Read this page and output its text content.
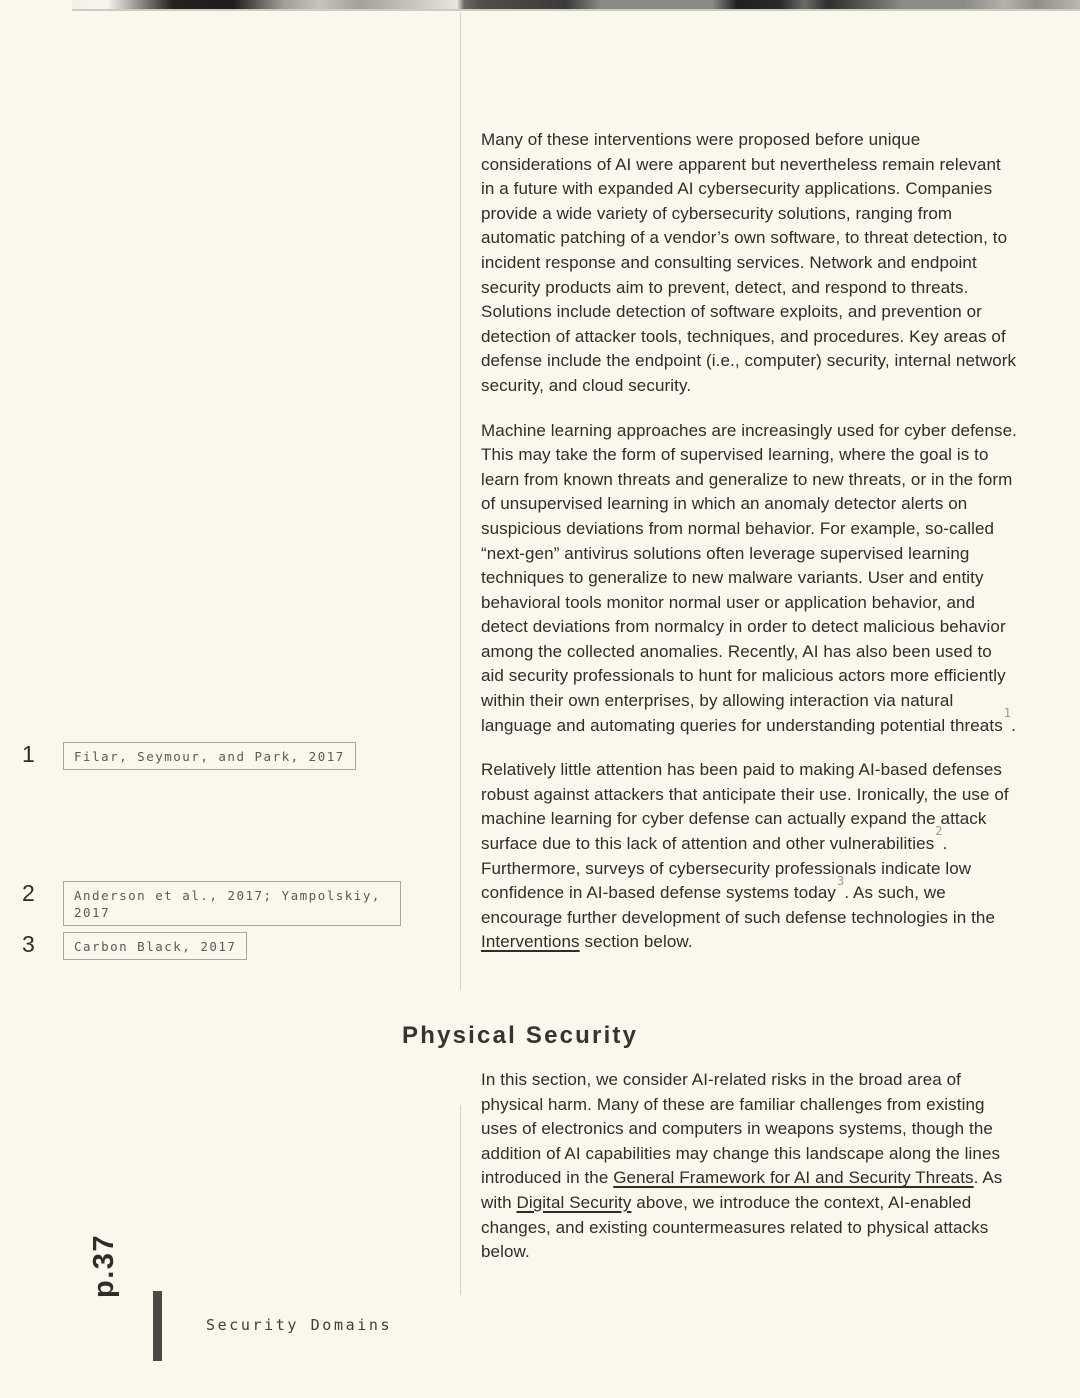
Many of these interventions were proposed before unique considerations of AI were apparent but nevertheless remain relevant in a future with expanded AI cybersecurity applications. Companies provide a wide variety of cybersecurity solutions, ranging from automatic patching of a vendor’s own software, to threat detection, to incident response and consulting services. Network and endpoint security products aim to prevent, detect, and respond to threats. Solutions include detection of software exploits, and prevention or detection of attacker tools, techniques, and procedures. Key areas of defense include the endpoint (i.e., computer) security, internal network security, and cloud security.

Machine learning approaches are increasingly used for cyber defense. This may take the form of supervised learning, where the goal is to learn from known threats and generalize to new threats, or in the form of unsupervised learning in which an anomaly detector alerts on suspicious deviations from normal behavior. For example, so-called “next-gen” antivirus solutions often leverage supervised learning techniques to generalize to new malware variants. User and entity behavioral tools monitor normal user or application behavior, and detect deviations from normalcy in order to detect malicious behavior among the collected anomalies. Recently, AI has also been used to aid security professionals to hunt for malicious actors more efficiently within their own enterprises, by allowing interaction via natural language and automating queries for understanding potential threats$^1$.

Relatively little attention has been paid to making AI-based defenses robust against attackers that anticipate their use. Ironically, the use of machine learning for cyber defense can actually expand the attack surface due to this lack of attention and other vulnerabilities$^2$. Furthermore, surveys of cybersecurity professionals indicate low confidence in AI-based defense systems today$^3$. As such, we encourage further development of such defense technologies in the Interventions section below.

1	Filar, Seymour, and Park, 2017
2	Anderson et al., 2017; Yampolskiy, 2017
3	Carbon Black, 2017
Physical Security

In this section, we consider AI-related risks in the broad area of physical harm. Many of these are familiar challenges from existing uses of electronics and computers in weapons systems, though the addition of AI capabilities may change this landscape along the lines introduced in the General Framework for AI and Security Threats. As with Digital Security above, we introduce the context, AI-enabled changes, and existing countermeasures related to physical attacks below.

p.37
Security Domains
